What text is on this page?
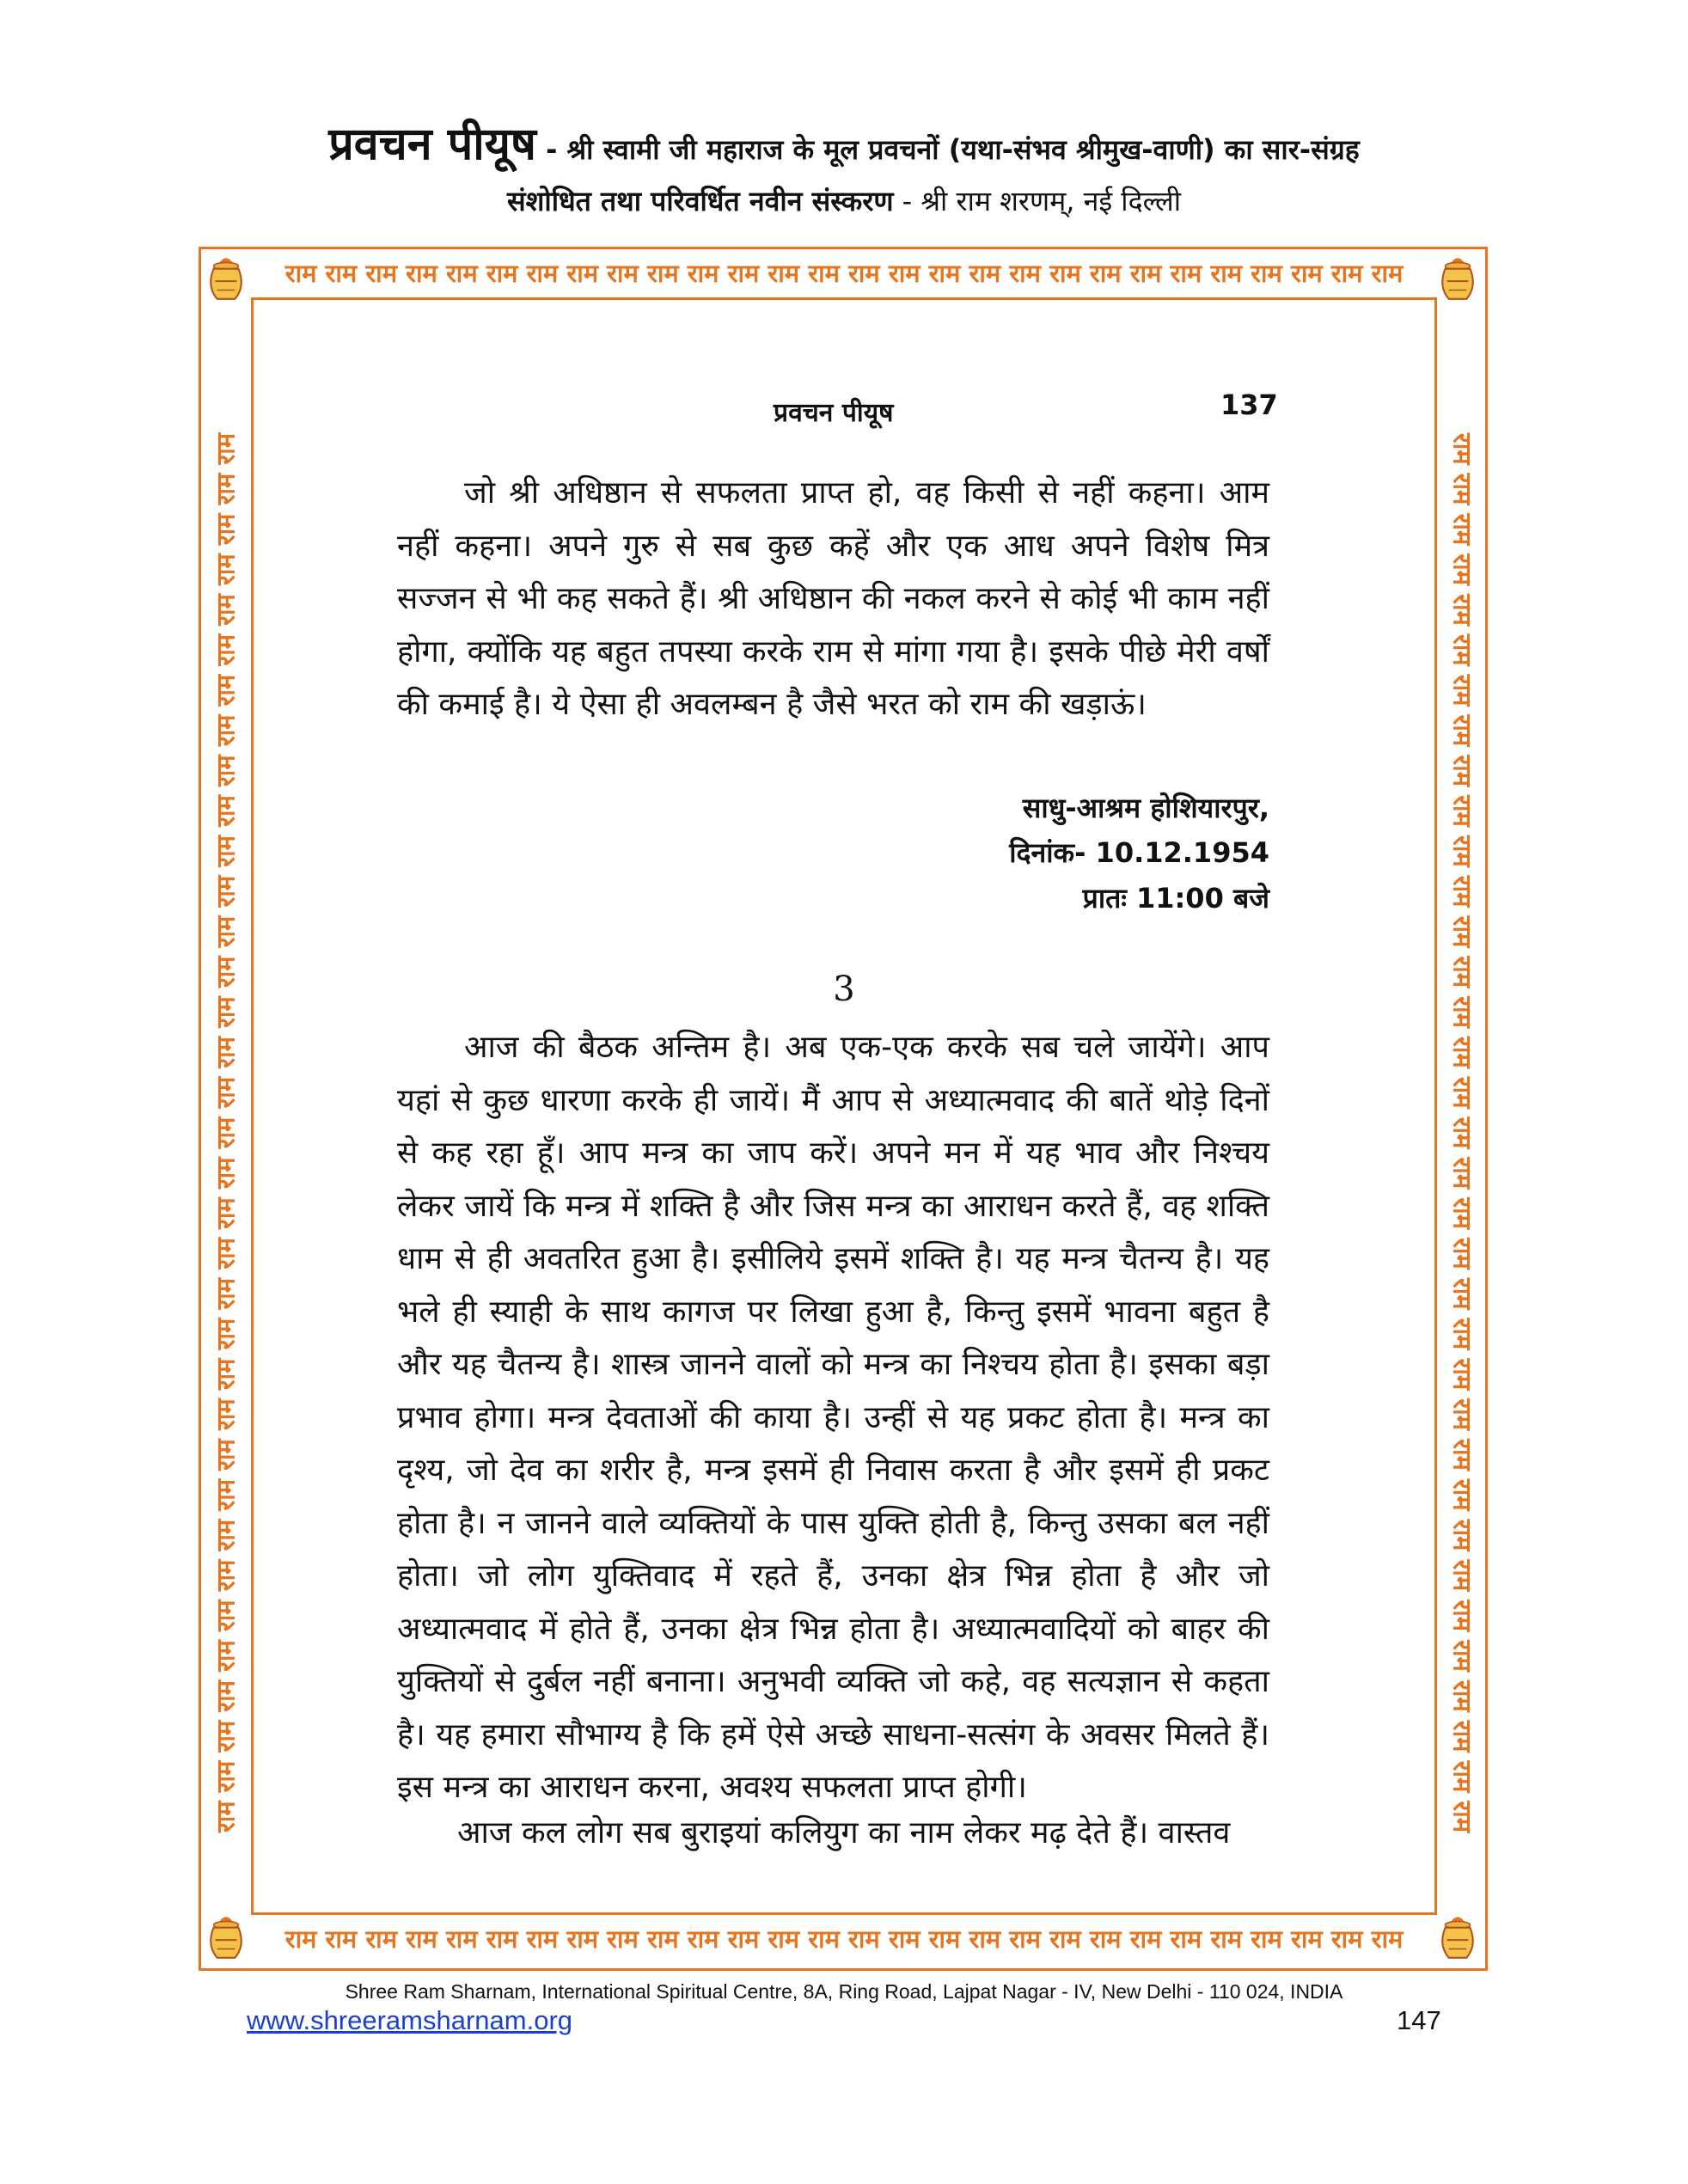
प्रवचन पीयूष - श्री स्वामी जी महाराज के मूल प्रवचनों (यथा-संभव श्रीमुख-वाणी) का सार-संग्रह
संशोधित तथा परिवर्धित नवीन संस्करण - श्री राम शरणम्, नई दिल्ली
राम राम राम राम राम राम राम राम राम राम राम राम राम राम राम राम राम राम राम राम राम राम राम राम राम राम राम राम
राम राम राम राम राम राम राम राम राम राम राम राम राम राम राम राम राम राम राम राम राम राम राम राम राम राम राम राम
राम राम राम राम राम राम राम राम राम राम राम राम राम राम राम राम राम राम राम राम राम राम राम राम राम राम राम राम राम राम राम राम राम राम राम	राम राम राम राम राम राम राम राम राम राम राम राम राम राम राम राम राम राम राम राम राम राम राम राम राम राम राम राम राम राम राम राम राम राम राम
प्रवचन पीयूष	137
जो श्री अधिष्ठान से सफलता प्राप्त हो, वह किसी से नहीं कहना। आम नहीं कहना। अपने गुरु से सब कुछ कहें और एक आध अपने विशेष मित्र सज्जन से भी कह सकते हैं। श्री अधिष्ठान की नकल करने से कोई भी काम नहीं होगा, क्योंकि यह बहुत तपस्या करके राम से मांगा गया है। इसके पीछे मेरी वर्षों की कमाई है। ये ऐसा ही अवलम्बन है जैसे भरत को राम की खड़ाऊं।
साधु-आश्रम होशियारपुर,
दिनांक- 10.12.1954
प्रातः 11:00 बजे
3
आज की बैठक अन्तिम है। अब एक-एक करके सब चले जायेंगे। आप यहां से कुछ धारणा करके ही जायें। मैं आप से अध्यात्मवाद की बातें थोड़े दिनों से कह रहा हूँ। आप मन्त्र का जाप करें। अपने मन में यह भाव और निश्चय लेकर जायें कि मन्त्र में शक्ति है और जिस मन्त्र का आराधन करते हैं, वह शक्ति धाम से ही अवतरित हुआ है। इसीलिये इसमें शक्ति है। यह मन्त्र चैतन्य है। यह भले ही स्याही के साथ कागज पर लिखा हुआ है, किन्तु इसमें भावना बहुत है और यह चैतन्य है। शास्त्र जानने वालों को मन्त्र का निश्चय होता है। इसका बड़ा प्रभाव होगा। मन्त्र देवताओं की काया है। उन्हीं से यह प्रकट होता है। मन्त्र का दृश्य, जो देव का शरीर है, मन्त्र इसमें ही निवास करता है और इसमें ही प्रकट होता है। न जानने वाले व्यक्तियों के पास युक्ति होती है, किन्तु उसका बल नहीं होता। जो लोग युक्तिवाद में रहते हैं, उनका क्षेत्र भिन्न होता है और जो अध्यात्मवाद में होते हैं, उनका क्षेत्र भिन्न होता है। अध्यात्मवादियों को बाहर की युक्तियों से दुर्बल नहीं बनाना। अनुभवी व्यक्ति जो कहे, वह सत्यज्ञान से कहता है। यह हमारा सौभाग्य है कि हमें ऐसे अच्छे साधना-सत्संग के अवसर मिलते हैं। इस मन्त्र का आराधन करना, अवश्य सफलता प्राप्त होगी।
आज कल लोग सब बुराइयां कलियुग का नाम लेकर मढ़ देते हैं। वास्तव
Shree Ram Sharnam, International Spiritual Centre, 8A, Ring Road, Lajpat Nagar - IV, New Delhi - 110 024, INDIA
www.shreeramsharnam.org	147
